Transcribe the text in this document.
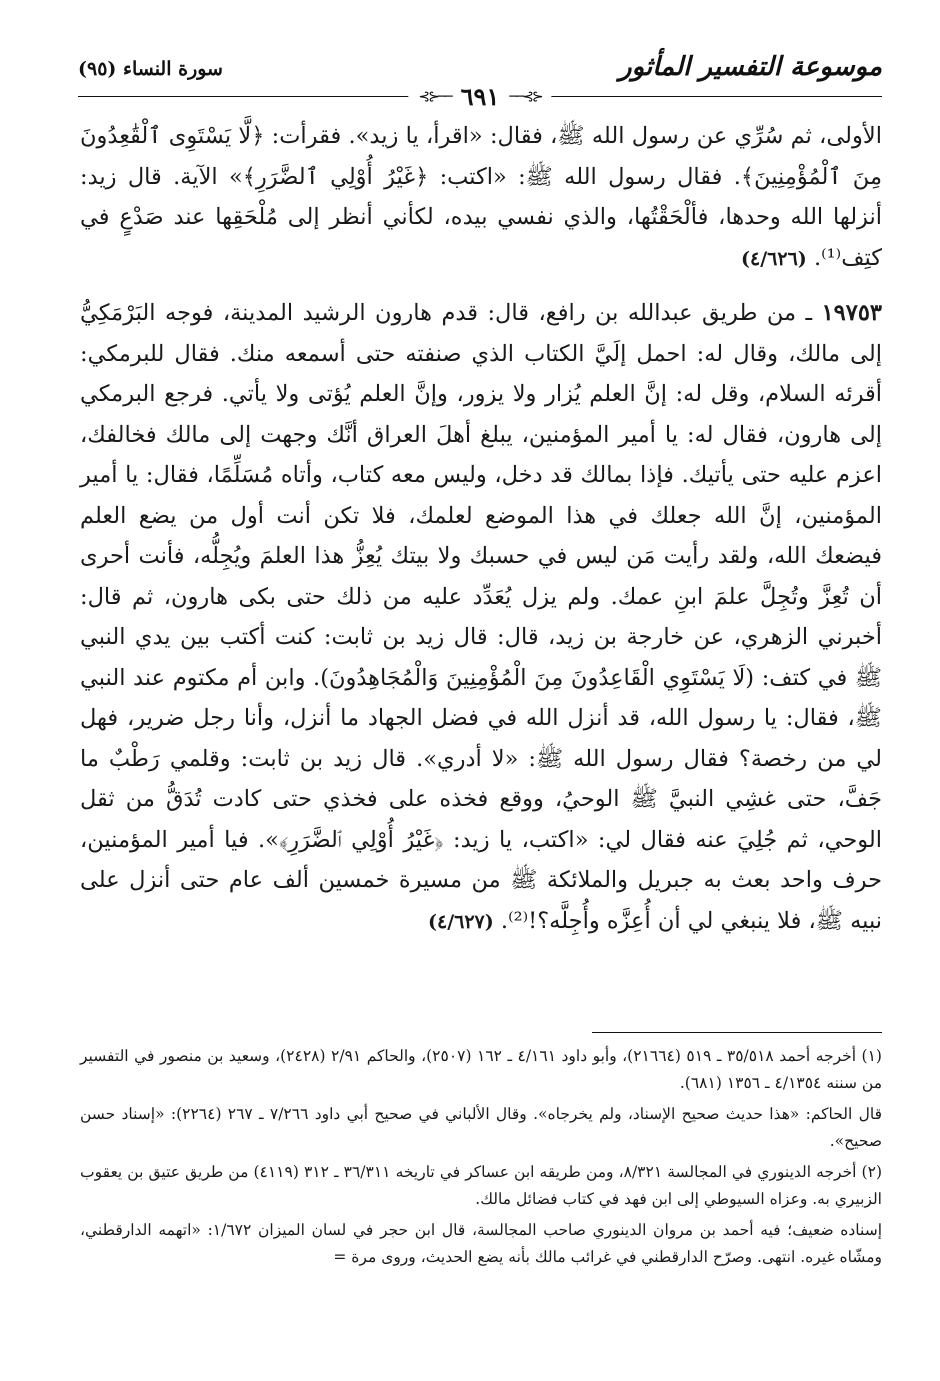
موسوعة التفسير المأثور
سورة النساء (٩٥)
⊰⊱── ٦٩١ ──⊰⊱

الأولى، ثم سُرِّي عن رسول الله ﷺ، فقال: «اقرأ، يا زيد». فقرأت: ﴿لَّا يَسْتَوِى ٱلْقَٰعِدُونَ مِنَ ٱلْمُؤْمِنِينَ﴾. فقال رسول الله ﷺ: «اكتب: ﴿غَيْرُ أُوْلِي ٱلضَّرَرِ﴾» الآية. قال زيد: أنزلها الله وحدها، فألْحَقْتُها، والذي نفسي بيده، لكأني أنظر إلى مُلْحَقِها عند صَدْعٍ في كتِف⁽¹⁾. (٤/٦٢٦)

١٩٧٥٣ ـ من طريق عبدالله بن رافع، قال: قدم هارون الرشيد المدينة، فوجه البَرْمَكِيُّ إلى مالك، وقال له: احمل إلَيَّ الكتاب الذي صنفته حتى أسمعه منك. فقال للبرمكي: أقرئه السلام، وقل له: إنَّ العلم يُزار ولا يزور، وإنَّ العلم يُؤتى ولا يأتي. فرجع البرمكي إلى هارون، فقال له: يا أمير المؤمنين، يبلغ أهلَ العراق أنَّك وجهت إلى مالك فخالفك، اعزم عليه حتى يأتيك. فإذا بمالك قد دخل، وليس معه كتاب، وأتاه مُسَلِّمًا، فقال: يا أمير المؤمنين، إنَّ الله جعلك في هذا الموضع لعلمك، فلا تكن أنت أول من يضع العلم فيضعك الله، ولقد رأيت مَن ليس في حسبك ولا بيتك يُعِزُّ هذا العلمَ ويُجِلُّه، فأنت أحرى أن تُعِزَّ وتُجِلَّ علمَ ابنِ عمك. ولم يزل يُعَدِّد عليه من ذلك حتى بكى هارون، ثم قال: أخبرني الزهري، عن خارجة بن زيد، قال: قال زيد بن ثابت: كنت أكتب بين يدي النبي ﷺ في كتف: (لَا يَسْتَوِي الْقَاعِدُونَ مِنَ الْمُؤْمِنِينَ وَالْمُجَاهِدُونَ). وابن أم مكتوم عند النبي ﷺ، فقال: يا رسول الله، قد أنزل الله في فضل الجهاد ما أنزل، وأنا رجل ضرير، فهل لي من رخصة؟ فقال رسول الله ﷺ: «لا أدري». قال زيد بن ثابت: وقلمي رَطْبٌ ما جَفَّ، حتى غشِي النبيَّ ﷺ الوحيُ، ووقع فخذه على فخذي حتى كادت تُدَقُّ من ثقل الوحي، ثم جُلِيَ عنه فقال لي: «اكتب، يا زيد: ﴿غَيْرُ أُوْلِي ٱلضَّرَرِ﴾». فيا أمير المؤمنين، حرف واحد بعث به جبريل والملائكة ﷺ من مسيرة خمسين ألف عام حتى أنزل على نبيه ﷺ، فلا ينبغي لي أن أُعِزَّه وأُجِلَّه؟!⁽²⁾. (٤/٦٢٧)

(١) أخرجه أحمد ٣٥/٥١٨ ـ ٥١٩ (٢١٦٦٤)، وأبو داود ٤/١٦١ ـ ١٦٢ (٢٥٠٧)، والحاكم ٢/٩١ (٢٤٢٨)، وسعيد بن منصور في التفسير من سننه ٤/١٣٥٤ ـ ١٣٥٦ (٦٨١).

قال الحاكم: «هذا حديث صحيح الإسناد، ولم يخرجاه». وقال الألباني في صحيح أبي داود ٧/٢٦٦ ـ ٢٦٧ (٢٢٦٤): «إسناد حسن صحيح».

(٢) أخرجه الدينوري في المجالسة ٨/٣٢١، ومن طريقه ابن عساكر في تاريخه ٣٦/٣١١ ـ ٣١٢ (٤١١٩) من طريق عتيق بن يعقوب الزبيري به. وعزاه السيوطي إلى ابن فهد في كتاب فضائل مالك.

إسناده ضعيف؛ فيه أحمد بن مروان الدينوري صاحب المجالسة، قال ابن حجر في لسان الميزان ١/٦٧٢: «اتهمه الدارقطني، ومشّاه غيره. انتهى. وصرّح الدارقطني في غرائب مالك بأنه يضع الحديث، وروى مرة =
